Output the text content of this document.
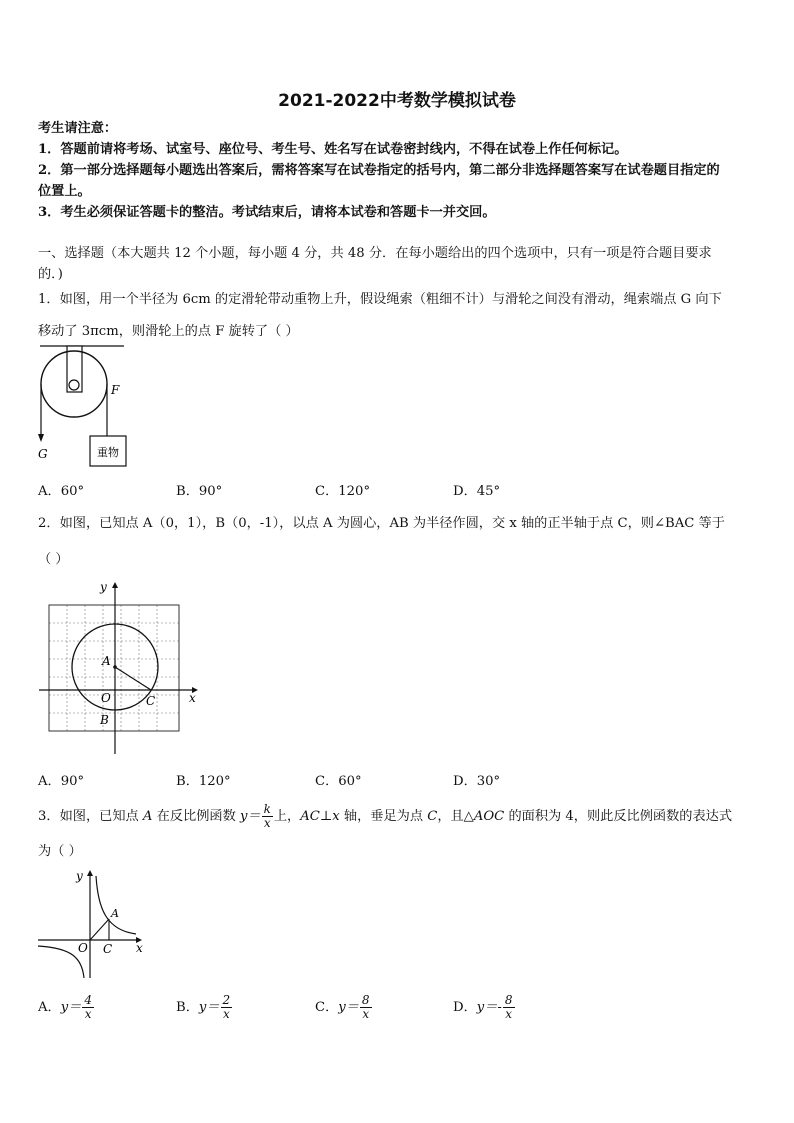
2021-2022中考数学模拟试卷
考生请注意：
1．答题前请将考场、试室号、座位号、考生号、姓名写在试卷密封线内，不得在试卷上作任何标记。
2．第一部分选择题每小题选出答案后，需将答案写在试卷指定的括号内，第二部分非选择题答案写在试卷题目指定的
位置上。
3．考生必须保证答题卡的整洁。考试结束后，请将本试卷和答题卡一并交回。
一、选择题（本大题共 12 个小题，每小题 4 分，共 48 分．在每小题给出的四个选项中，只有一项是符合题目要求
的．)
1．如图，用一个半径为 6cm 的定滑轮带动重物上升，假设绳索（粗细不计）与滑轮之间没有滑动，绳索端点 G 向下
移动了 3πcm，则滑轮上的点 F 旋转了（ ）
重物
F
G
A．60°	B．90°	C．120°	D．45°
2．如图，已知点 A（0，1），B（0，-1），以点 A 为圆心，AB 为半径作圆，交 x 轴的正半轴于点 C，则∠BAC 等于
（ ）
y
x
A
O
B
C
A．90°	B．120°	C．60°	D．30°
3．如图，已知点 A 在反比例函数 $y= \frac{k}{x}$ 上，AC⊥x 轴，垂足为点 C，且△AOC 的面积为 4，则此反比例函数的表达式
为（ ）
y
A
O C x
A．$y= \frac{4}{x}$	B．$y= \frac{2}{x}$	C．$y= \frac{8}{x}$	D．$y=- \frac{8}{x}$
